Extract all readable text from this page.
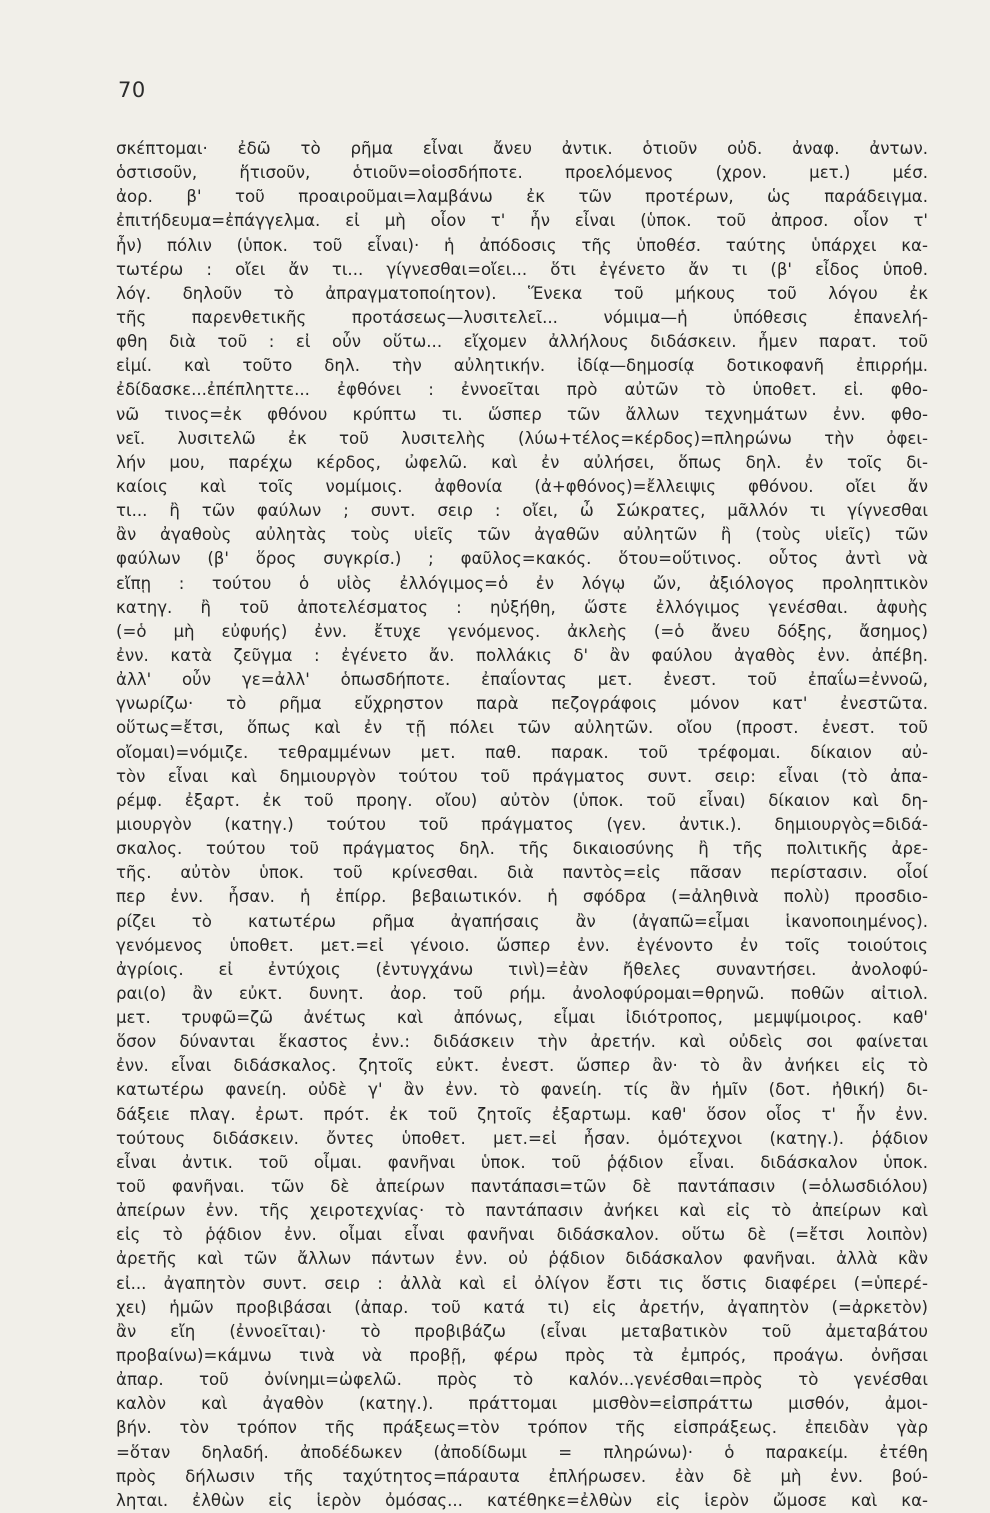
70
σκέπτομαι· ἐδῶ τὸ ρῆμα εἶναι ἄνευ ἀντικ. ὁτιοῦν οὐδ. ἀναφ. ἀντων.
ὁστισοῦν, ἥτισοῦν, ὁτιοῦν=οἱοσδήποτε. προελόμενος (χρον. μετ.) μέσ.
ἀορ. β' τοῦ προαιροῦμαι=λαμβάνω ἐκ τῶν προτέρων, ὡς παράδειγμα.
ἐπιτήδευμα=ἐπάγγελμα. εἰ μὴ οἷον τ' ἦν εἶναι (ὑποκ. τοῦ ἀπροσ. οἷον τ'
ἦν) πόλιν (ὑποκ. τοῦ εἶναι)· ἡ ἀπόδοσις τῆς ὑποθέσ. ταύτης ὑπάρχει κα-
τωτέρω : οἴει ἄν τι... γίγνεσθαι=οἴει... ὅτι ἐγένετο ἄν τι (β' εἶδος ὑποθ.
λόγ. δηλοῦν τὸ ἀπραγματοποίητον). Ἕνεκα τοῦ μήκους τοῦ λόγου ἐκ
τῆς παρενθετικῆς προτάσεως—λυσιτελεῖ... νόμιμα—ἡ ὑπόθεσις ἐπανελή-
φθη διὰ τοῦ : εἰ οὖν οὕτω... εἴχομεν ἀλλήλους διδάσκειν. ἦμεν παρατ. τοῦ
εἰμί. καὶ τοῦτο δηλ. τὴν αὐλητικήν. ἰδίᾳ—δημοσίᾳ δοτικοφανῆ ἐπιρρήμ.
ἐδίδασκε...ἐπέπληττε... ἐφθόνει : ἐννοεῖται πρὸ αὐτῶν τὸ ὑποθετ. εἰ. φθο-
νῶ τινος=ἐκ φθόνου κρύπτω τι. ὥσπερ τῶν ἄλλων τεχνημάτων ἐνν. φθο-
νεῖ. λυσιτελῶ ἐκ τοῦ λυσιτελὴς (λύω+τέλος=κέρδος)=πληρώνω τὴν ὀφει-
λήν μου, παρέχω κέρδος, ὠφελῶ. καὶ ἐν αὐλήσει, ὅπως δηλ. ἐν τοῖς δι-
καίοις καὶ τοῖς νομίμοις. ἀφθονία (ἀ+φθόνος)=ἔλλειψις φθόνου. οἴει ἄν
τι... ἢ τῶν φαύλων ; συντ. σειρ : οἴει, ὦ Σώκρατες, μᾶλλόν τι γίγνεσθαι
ἂν ἀγαθοὺς αὐλητὰς τοὺς υἱεῖς τῶν ἀγαθῶν αὐλητῶν ἢ (τοὺς υἱεῖς) τῶν
φαύλων (β' ὅρος συγκρίσ.) ; φαῦλος=κακός. ὅτου=οὕτινος. οὗτος ἀντὶ νὰ
εἴπῃ : τούτου ὁ υἱὸς ἐλλόγιμος=ὁ ἐν λόγῳ ὤν, ἀξιόλογος προληπτικὸν
κατηγ. ἢ τοῦ ἀποτελέσματος : ηὐξήθη, ὥστε ἐλλόγιμος γενέσθαι. ἀφυὴς
(=ὁ μὴ εὐφυής) ἐνν. ἔτυχε γενόμενος. ἀκλεὴς (=ὁ ἄνευ δόξης, ἄσημος)
ἐνν. κατὰ ζεῦγμα : ἐγένετο ἄν. πολλάκις δ' ἂν φαύλου ἀγαθὸς ἐνν. ἀπέβη.
ἀλλ' οὖν γε=ἀλλ' ὁπωσδήποτε. ἐπαΐοντας μετ. ἐνεστ. τοῦ ἐπαΐω=ἐννοῶ,
γνωρίζω· τὸ ρῆμα εὔχρηστον παρὰ πεζογράφοις μόνον κατ' ἐνεστῶτα.
οὕτως=ἔτσι, ὅπως καὶ ἐν τῇ πόλει τῶν αὐλητῶν. οἴου (προστ. ἐνεστ. τοῦ
οἴομαι)=νόμιζε. τεθραμμένων μετ. παθ. παρακ. τοῦ τρέφομαι. δίκαιον αὐ-
τὸν εἶναι καὶ δημιουργὸν τούτου τοῦ πράγματος συντ. σειρ: εἶναι (τὸ ἀπα-
ρέμφ. ἐξαρτ. ἐκ τοῦ προηγ. οἴου) αὐτὸν (ὑποκ. τοῦ εἶναι) δίκαιον καὶ δη-
μιουργὸν (κατηγ.) τούτου τοῦ πράγματος (γεν. ἀντικ.). δημιουργὸς=διδά-
σκαλος. τούτου τοῦ πράγματος δηλ. τῆς δικαιοσύνης ἢ τῆς πολιτικῆς ἀρε-
τῆς. αὐτὸν ὑποκ. τοῦ κρίνεσθαι. διὰ παντὸς=εἰς πᾶσαν περίστασιν. οἷοί
περ ἐνν. ἦσαν. ἡ ἐπίρρ. βεβαιωτικόν. ἡ σφόδρα (=ἀληθινὰ πολὺ) προσδιο-
ρίζει τὸ κατωτέρω ρῆμα ἀγαπήσαις ἂν (ἀγαπῶ=εἶμαι ἱκανοποιημένος).
γενόμενος ὑποθετ. μετ.=εἰ γένοιο. ὥσπερ ἐνν. ἐγένοντο ἐν τοῖς τοιούτοις
ἀγρίοις. εἰ ἐντύχοις (ἐντυγχάνω τινὶ)=ἐὰν ἤθελες συναντήσει. ἀνολοφύ-
ραι(ο) ἂν εὐκτ. δυνητ. ἀορ. τοῦ ρήμ. ἀνολοφύρομαι=θρηνῶ. ποθῶν αἰτιολ.
μετ. τρυφῶ=ζῶ ἀνέτως καὶ ἀπόνως, εἶμαι ἰδιότροπος, μεμψίμοιρος. καθ'
ὅσον δύνανται ἕκαστος ἐνν.: διδάσκειν τὴν ἀρετήν. καὶ οὐδεὶς σοι φαίνεται
ἐνν. εἶναι διδάσκαλος. ζητοῖς εὐκτ. ἐνεστ. ὥσπερ ἂν· τὸ ἂν ἀνήκει εἰς τὸ
κατωτέρω φανείη. οὐδὲ γ' ἂν ἐνν. τὸ φανείη. τίς ἂν ἡμῖν (δοτ. ἠθική) δι-
δάξειε πλαγ. ἐρωτ. πρότ. ἐκ τοῦ ζητοῖς ἐξαρτωμ. καθ' ὅσον οἷος τ' ἦν ἐνν.
τούτους διδάσκειν. ὄντες ὑποθετ. μετ.=εἰ ἦσαν. ὁμότεχνοι (κατηγ.). ῥᾴδιον
εἶναι ἀντικ. τοῦ οἶμαι. φανῆναι ὑποκ. τοῦ ῥᾴδιον εἶναι. διδάσκαλον ὑποκ.
τοῦ φανῆναι. τῶν δὲ ἀπείρων παντάπασι=τῶν δὲ παντάπασιν (=ὁλωσδιόλου)
ἀπείρων ἐνν. τῆς χειροτεχνίας· τὸ παντάπασιν ἀνήκει καὶ εἰς τὸ ἀπείρων καὶ
εἰς τὸ ῥᾴδιον ἐνν. οἶμαι εἶναι φανῆναι διδάσκαλον. οὕτω δὲ (=ἔτσι λοιπὸν)
ἀρετῆς καὶ τῶν ἄλλων πάντων ἐνν. οὐ ῥᾴδιον διδάσκαλον φανῆναι. ἀλλὰ κἂν
εἰ... ἀγαπητὸν συντ. σειρ : ἀλλὰ καὶ εἰ ὀλίγον ἔστι τις ὅστις διαφέρει (=ὑπερέ-
χει) ἡμῶν προβιβάσαι (ἀπαρ. τοῦ κατά τι) εἰς ἀρετήν, ἀγαπητὸν (=ἀρκετὸν)
ἂν εἴη (ἐννοεῖται)· τὸ προβιβάζω (εἶναι μεταβατικὸν τοῦ ἀμεταβάτου
προβαίνω)=κάμνω τινὰ νὰ προβῇ, φέρω πρὸς τὰ ἐμπρός, προάγω. ὀνῆσαι
ἀπαρ. τοῦ ὀνίνημι=ὠφελῶ. πρὸς τὸ καλόν...γενέσθαι=πρὸς τὸ γενέσθαι
καλὸν καὶ ἀγαθὸν (κατηγ.). πράττομαι μισθὸν=εἰσπράττω μισθόν, ἀμοι-
βήν. τὸν τρόπον τῆς πράξεως=τὸν τρόπον τῆς εἰσπράξεως. ἐπειδὰν γὰρ
=ὅταν δηλαδή. ἀποδέδωκεν (ἀποδίδωμι = πληρώνω)· ὁ παρακείμ. ἐτέθη
πρὸς δήλωσιν τῆς ταχύτητος=πάραυτα ἐπλήρωσεν. ἐὰν δὲ μὴ ἐνν. βού-
ληται. ἐλθὼν εἰς ἱερὸν ὀμόσας... κατέθηκε=ἐλθὼν εἰς ἱερὸν ὤμοσε καὶ κα-
